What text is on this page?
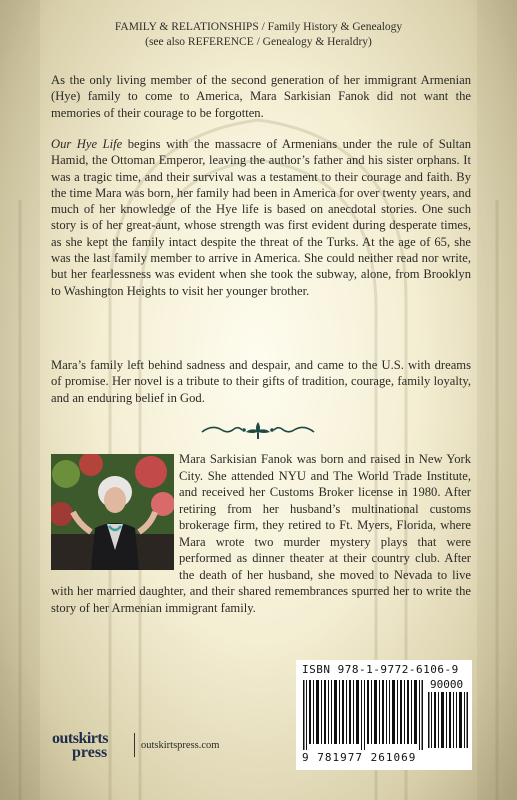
FAMILY & RELATIONSHIPS / Family History & Genealogy
(see also REFERENCE / Genealogy & Heraldry)

As the only living member of the second generation of her immigrant Armenian (Hye) family to come to America, Mara Sarkisian Fanok did not want the memories of their courage to be forgotten.

Our Hye Life begins with the massacre of Armenians under the rule of Sultan Hamid, the Ottoman Emperor, leaving the author’s father and his sister orphans. It was a tragic time, and their survival was a testament to their courage and faith. By the time Mara was born, her family had been in America for over twenty years, and much of her knowledge of the Hye life is based on anecdotal stories. One such story is of her great-aunt, whose strength was first evident during desperate times, as she kept the family intact despite the threat of the Turks. At the age of 65, she was the last family member to arrive in America. She could neither read nor write, but her fearlessness was evident when she took the subway, alone, from Brooklyn to Washington Heights to visit her younger brother.

Mara’s family left behind sadness and despair, and came to the U.S. with dreams of promise. Her novel is a tribute to their gifts of tradition, courage, family loyalty, and an enduring belief in God.

Mara Sarkisian Fanok was born and raised in New York City. She attended NYU and The World Trade Institute, and received her Customs Broker license in 1980. After retiring from her husband’s multinational customs brokerage firm, they retired to Ft. Myers, Florida, where Mara wrote two murder mystery plays that were performed as dinner theater at their country club. After the death of her husband, she moved to Nevada to live with her married daughter, and their shared remembrances spurred her to write the story of her Armenian immigrant family.
ISBN 978-1-9772-6106-9
90000
9 781977 261069
outskirts
press	outskirtspress.com
